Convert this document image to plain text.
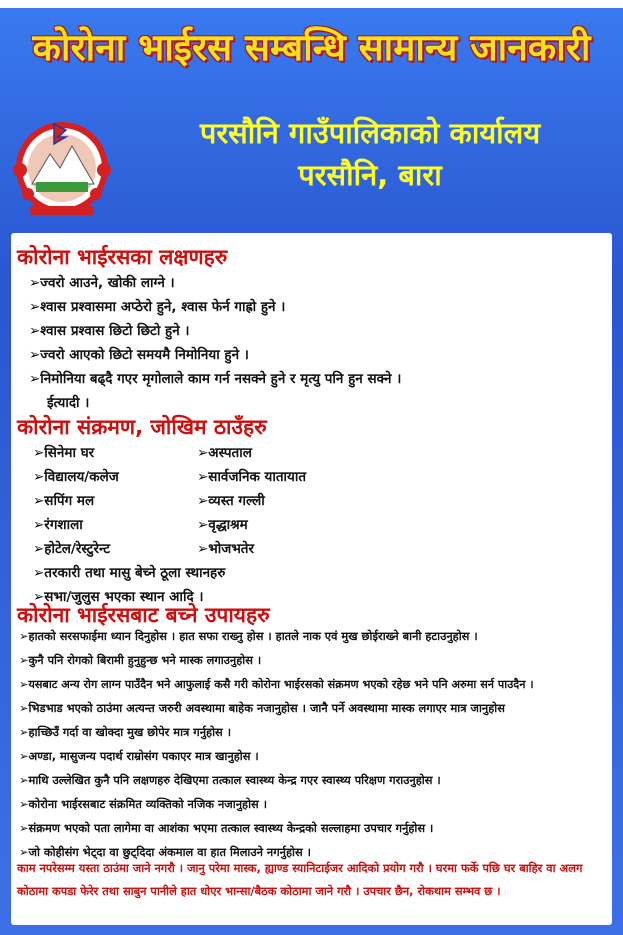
कोरोना भाईरस सम्बन्धि सामान्य जानकारी
परसौनि गाउँपालिकाको कार्यालय
परसौनि, बारा
कोरोना भाईरसका लक्षणहरु
➢ज्वरो आउने, खोकी लाग्ने ।
➢श्वास प्रश्वासमा अप्ठेरो हुने, श्वास फेर्न गाह्रो हुने ।
➢श्वास प्रश्वास छिटो छिटो हुने ।
➢ज्वरो आएको छिटो समयमै निमोनिया हुने ।
➢निमोनिया बढ्दै गएर मृगोलाले काम गर्न नसक्ने हुने र मृत्यु पनि हुन सक्ने ।
ईत्यादी ।
कोरोना संक्रमण, जोखिम ठाउँहरु
➢सिनेमा घर
➢विद्यालय/कलेज
➢सपिंग मल
➢रंगशाला
➢होटेल/रेस्टुरेन्ट
➢अस्पताल
➢सार्वजनिक यातायात
➢व्यस्त गल्ली
➢वृद्धाश्रम
➢भोजभतेर
➢तरकारी तथा मासु बेच्ने ठूला स्थानहरु
➢सभा/जुलुस भएका स्थान आदि ।
कोरोना भाईरसबाट बच्ने उपायहरु
➢हातको सरसफाईमा ध्यान दिनुहोस । हात सफा राख्नु होस । हातले नाक एवं मुख छोईराख्ने बानी हटाउनुहोस ।
➢कुनै पनि रोगको बिरामी हुनुहुन्छ भने मास्क लगाउनुहोस ।
➢यसबाट अन्य रोग लाग्न पाउँदैन भने आफुलाई कसै गरी कोरोना भाईरसको संक्रमण भएको रहेछ भने पनि अरुमा सर्न पाउदैन ।
➢भिडभाड भएको ठाउंमा अत्यन्त जरुरी अवस्थामा बाहेक नजानुहोस । जानै पर्ने अवस्थामा मास्क लगाएर मात्र जानुहोस
➢हाच्छिउँ गर्दा वा खोक्दा मुख छोपेर मात्र गर्नुहोस ।
➢अण्डा, मासुजन्य पदार्थ राम्रोसंग पकाएर मात्र खानुहोस ।
➢माथि उल्लेखित कुनै पनि लक्षणहरु देखिएमा तत्काल स्वास्थ्य केन्द्र गएर स्वास्थ्य परिक्षण गराउनुहोस ।
➢कोरोना भाईरसबाट संक्रमित व्यक्तिको नजिक नजानुहोस ।
➢संक्रमण भएको पता लागेमा वा आशंका भएमा तत्काल स्वास्थ्य केन्द्रको सल्लाहमा उपचार गर्नुहोस ।
➢जो कोहीसंग भेट्दा वा छुट्दिदा अंकमाल वा हात मिलाउने नगर्नुहोस ।

काम नपरेसम्म यस्ता ठाउंमा जाने नगरौ । जानु परेमा मास्क, ह्याण्ड स्यानिटाईजर आदिको प्रयोग गरौ । घरमा फर्के पछि घर बाहिर वा अलग कोठामा कपडा फेरेर तथा साबुन पानीले हात धोएर भान्सा/बैठक कोठामा जाने गरौ । उपचार छैन, रोकथाम सम्भव छ ।
